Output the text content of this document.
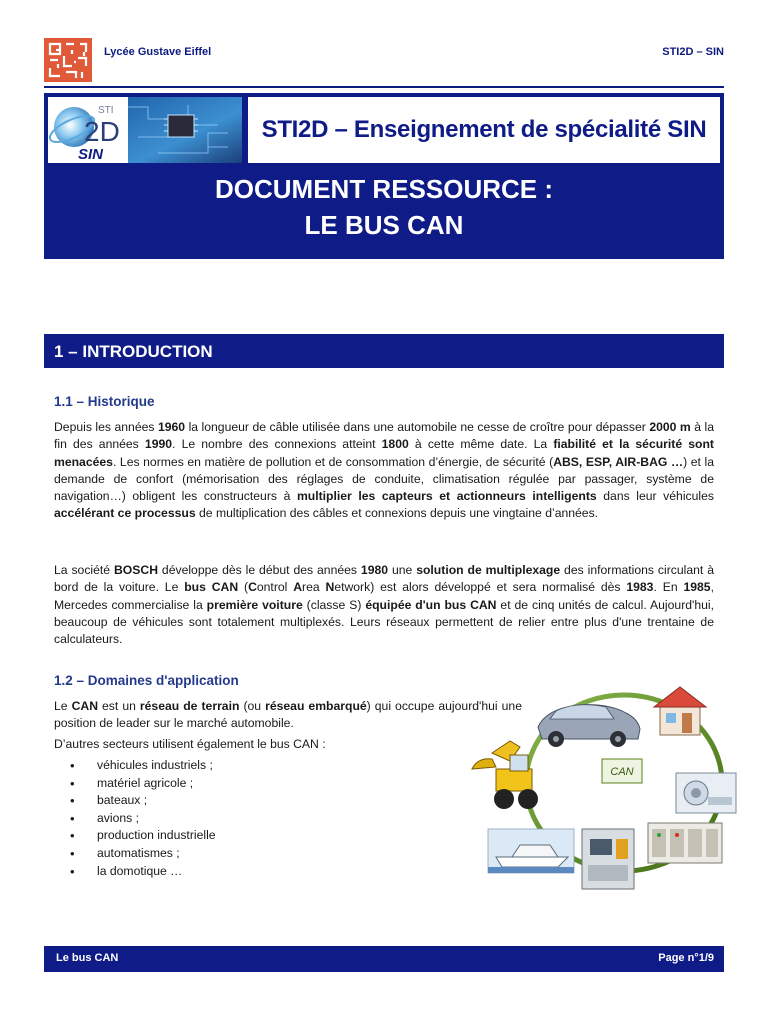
Lycée Gustave Eiffel	STI2D – SIN
STI
2D
SIN
STI2D – Enseignement de spécialité SIN
DOCUMENT RESSOURCE :
LE BUS CAN
1 – INTRODUCTION
1.1 – Historique

Depuis les années 1960 la longueur de câble utilisée dans une automobile ne cesse de croître pour dépasser 2000 m à la fin des années 1990. Le nombre des connexions atteint 1800 à cette même date. La fiabilité et la sécurité sont menacées. Les normes en matière de pollution et de consommation d’énergie, de sécurité (ABS, ESP, AIR-BAG …) et la demande de confort (mémorisation des réglages de conduite, climatisation régulée par passager, système de navigation…) obligent les constructeurs à multiplier les capteurs et actionneurs intelligents dans leur véhicules accélérant ce processus de multiplication des câbles et connexions depuis une vingtaine d’années.

La société BOSCH développe dès le début des années 1980 une solution de multiplexage des informations circulant à bord de la voiture. Le bus CAN (Control Area Network) est alors développé et sera normalisé dès 1983. En 1985, Mercedes commercialise la première voiture (classe S) équipée d'un bus CAN et de cinq unités de calcul. Aujourd'hui, beaucoup de véhicules sont totalement multiplexés. Leurs réseaux permettent de relier entre plus d'une trentaine de calculateurs.

1.2 – Domaines d'application

Le CAN est un réseau de terrain (ou réseau embarqué) qui occupe aujourd'hui une position de leader sur le marché automobile.

D’autres secteurs utilisent également le bus CAN :

• véhicules industriels ;
• matériel agricole ;
• bateaux ;
• avions ;
• production industrielle
• automatismes ;
• la domotique …
CAN
Le bus CAN	Page n°1/9
